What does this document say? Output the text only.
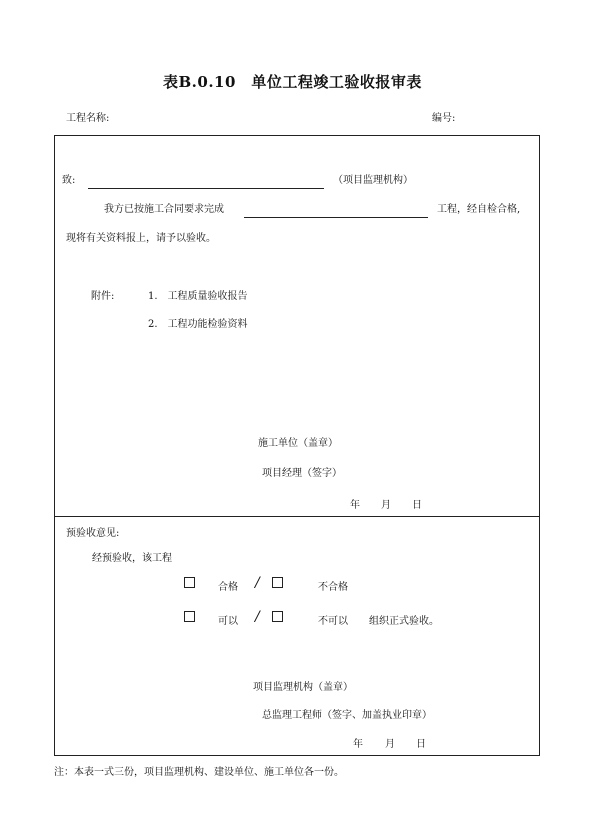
表B.0.10　单位工程竣工验收报审表
工程名称:	编号:
致:	（项目监理机构）
我方已按施工合同要求完成	工程，经自检合格,
现将有关资料报上，请予以验收。
附件:	1.　工程质量验收报告
2.　工程功能检验资料
施工单位（盖章）
项目经理（签字）
年 月 日
预验收意见:
经预验收，该工程
合格 /	不合格
可以 /	不可以 组织正式验收。
项目监理机构（盖章）
总监理工程师（签字、加盖执业印章）
年 月 日
注：本表一式三份，项目监理机构、建设单位、施工单位各一份。
